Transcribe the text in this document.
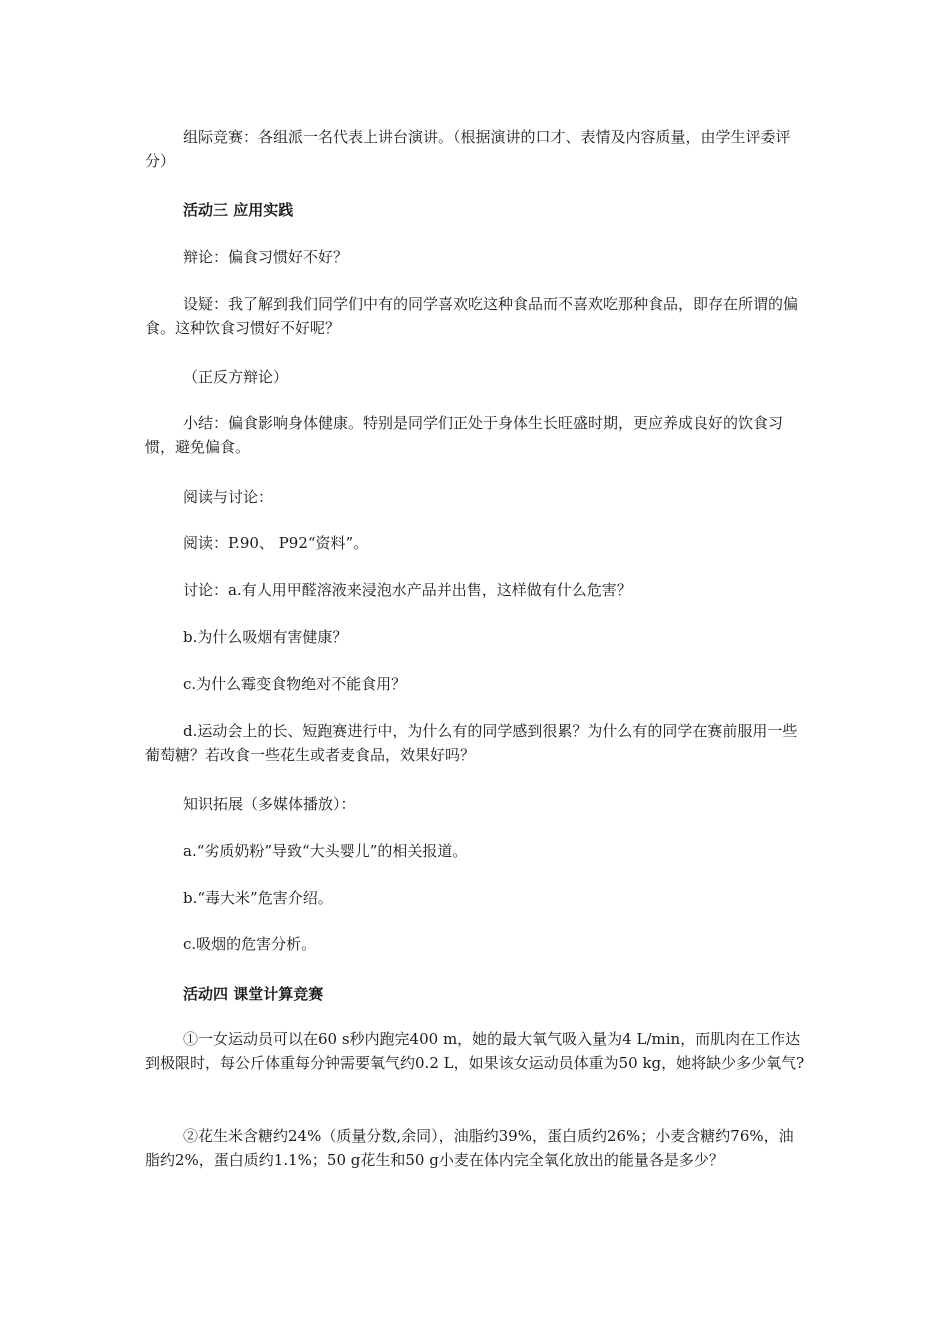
组际竞赛：各组派一名代表上讲台演讲。（根据演讲的口才、表情及内容质量，由学生评委评分）

活动三 应用实践

辩论：偏食习惯好不好？

设疑：我了解到我们同学们中有的同学喜欢吃这种食品而不喜欢吃那种食品，即存在所谓的偏食。这种饮食习惯好不好呢？

（正反方辩论）

小结：偏食影响身体健康。特别是同学们正处于身体生长旺盛时期，更应养成良好的饮食习惯，避免偏食。

阅读与讨论：

阅读：P.90、 P92“资料”。

讨论：a.有人用甲醛溶液来浸泡水产品并出售，这样做有什么危害？

b.为什么吸烟有害健康？

c.为什么霉变食物绝对不能食用？

d.运动会上的长、短跑赛进行中，为什么有的同学感到很累？为什么有的同学在赛前服用一些葡萄糖？若改食一些花生或者麦食品，效果好吗？

知识拓展（多媒体播放）：

a.“劣质奶粉”导致“大头婴儿”的相关报道。

b.“毒大米”危害介绍。

c.吸烟的危害分析。

活动四 课堂计算竞赛

①一女运动员可以在60 s秒内跑完400 m，她的最大氧气吸入量为4 L/min，而肌肉在工作达到极限时，每公斤体重每分钟需要氧气约0.2 L，如果该女运动员体重为50 kg，她将缺少多少氧气?

②花生米含糖约24%（质量分数,余同），油脂约39%，蛋白质约26%；小麦含糖约76%，油脂约2%，蛋白质约1.1%；50 g花生和50 g小麦在体内完全氧化放出的能量各是多少？
